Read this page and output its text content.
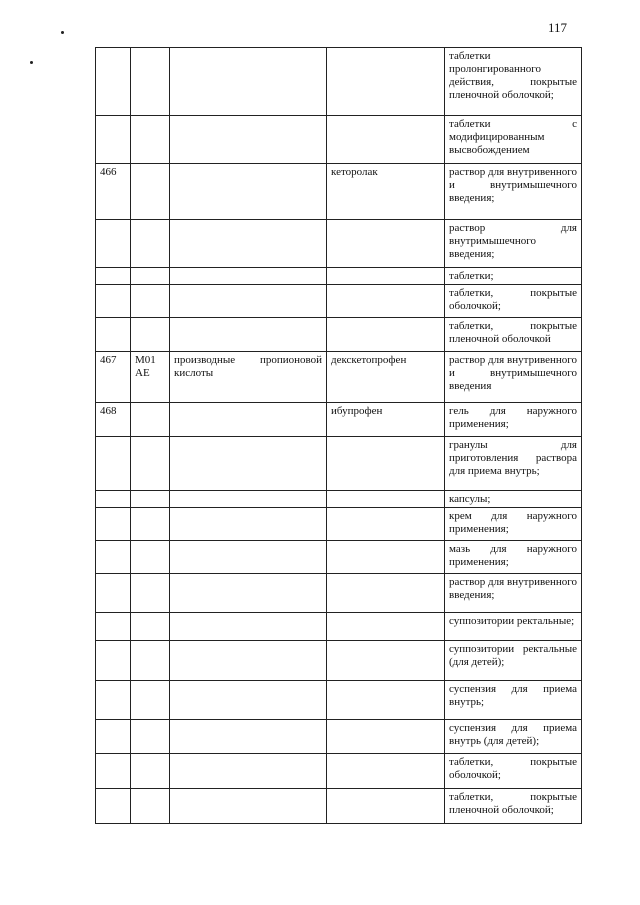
117
				таблетки пролонгированного действия, покрытые пленочной оболочкой;
				таблетки с модифицированным высвобождением
466			кеторолак	раствор для внутривенного и внутримышечного введения;
				раствор для внутримышечного введения;
				таблетки;
				таблетки, покрытые оболочкой;
				таблетки, покрытые пленочной оболочкой
467	M01 AE	производные пропионовой кислоты	декскетопрофен	раствор для внутривенного и внутримышечного введения
468			ибупрофен	гель для наружного применения;
				гранулы для приготовления раствора для приема внутрь;
				капсулы;
				крем для наружного применения;
				мазь для наружного применения;
				раствор для внутривенного введения;
				суппозитории ректальные;
				суппозитории ректальные (для детей);
				суспензия для приема внутрь;
				суспензия для приема внутрь (для детей);
				таблетки, покрытые оболочкой;
				таблетки, покрытые пленочной оболочкой;
